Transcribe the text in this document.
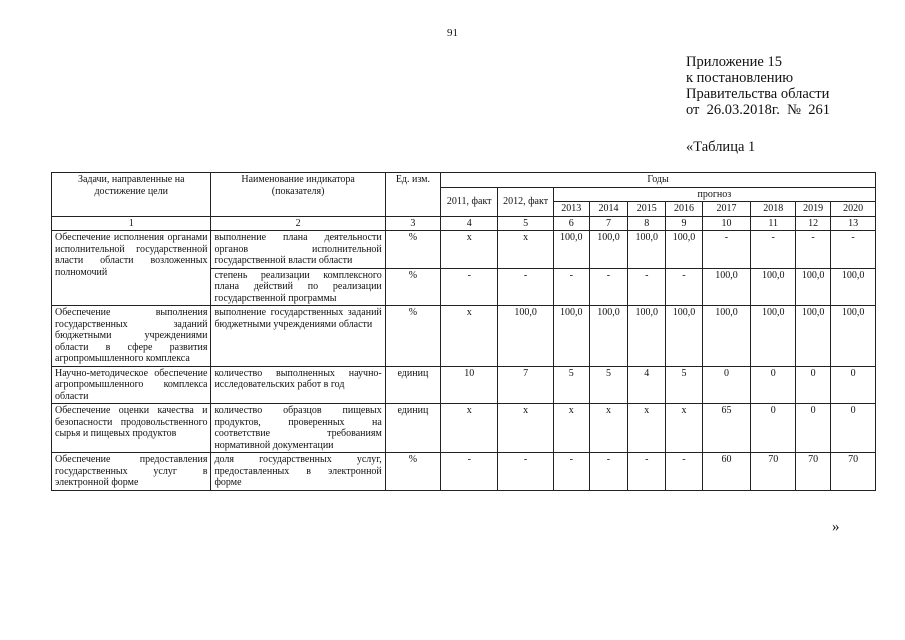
91
Приложение 15
к постановлению
Правительства области
от 26.03.2018г. № 261
«Таблица 1
Задачи, направленные на достижение цели	Наименование индикатора (показателя)	Ед. изм.	Годы									
			2011, факт	2012, факт	прогноз							
					2013	2014	2015	2016	2017	2018	2019	2020
1	2	3	4	5	6	7	8	9	10	11	12	13
Обеспечение исполнения органами исполнительной государственной власти области возложенных полномочий	выполнение плана деятельности органов исполнительной государственной власти области	%	х	х	100,0	100,0	100,0	100,0	-	-	-	-
	степень реализации комплексного плана действий по реализации государственной программы	%	-	-	-	-	-	-	100,0	100,0	100,0	100,0
Обеспечение выполнения государственных заданий бюджетными учреждениями области в сфере развития агропромышленного комплекса	выполнение государственных заданий бюджетными учреждениями области	%	х	100,0	100,0	100,0	100,0	100,0	100,0	100,0	100,0	100,0
Научно-методическое обеспечение агропромышленного комплекса области	количество выполненных научно-исследовательских работ в год	единиц	10	7	5	5	4	5	0	0	0	0
Обеспечение оценки качества и безопасности продовольственного сырья и пищевых продуктов	количество образцов пищевых продуктов, проверенных на соответствие требованиям нормативной документации	единиц	х	х	х	х	х	х	65	0	0	0
Обеспечение предоставления государственных услуг в электронной форме	доля государственных услуг, предоставленных в электронной форме	%	-	-	-	-	-	-	60	70	70	70
»
